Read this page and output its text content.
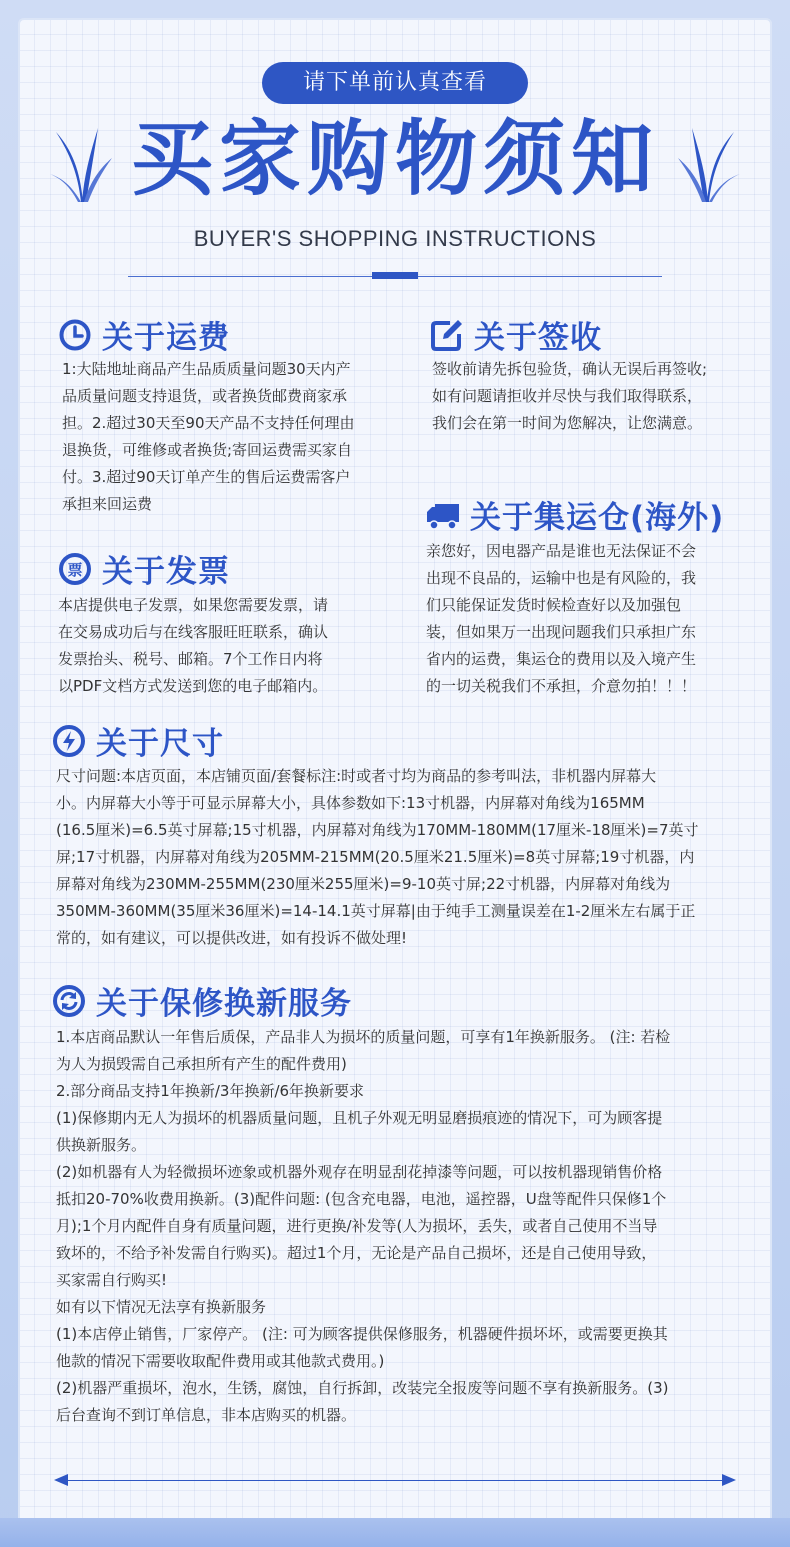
请下单前认真查看
买家购物须知
BUYER'S SHOPPING INSTRUCTIONS
关于运费
1:大陆地址商品产生品质质量问题30天内产
品质量问题支持退货，或者换货邮费商家承
担。2.超过30天至90天产品不支持任何理由
退换货，可维修或者换货;寄回运费需买家自
付。3.超过90天订单产生的售后运费需客户
承担来回运费
关于签收
签收前请先拆包验货，确认无误后再签收;
如有问题请拒收并尽快与我们取得联系，
我们会在第一时间为您解决，让您满意。
关于集运仓(海外)
亲您好，因电器产品是谁也无法保证不会
出现不良品的，运输中也是有风险的，我
们只能保证发货时候检查好以及加强包
装，但如果万一出现问题我们只承担广东
省内的运费，集运仓的费用以及入境产生
的一切关税我们不承担，介意勿拍！！！
票 关于发票
本店提供电子发票，如果您需要发票，请
在交易成功后与在线客服旺旺联系，确认
发票抬头、税号、邮箱。7个工作日内将
以PDF文档方式发送到您的电子邮箱内。
关于尺寸
尺寸问题:本店页面，本店铺页面/套餐标注:时或者寸均为商品的参考叫法，非机器内屏幕大
小。内屏幕大小等于可显示屏幕大小，具体参数如下:13寸机器，内屏幕对角线为165MM
(16.5厘米)=6.5英寸屏幕;15寸机器，内屏幕对角线为170MM-180MM(17厘米-18厘米)=7英寸
屏;17寸机器，内屏幕对角线为205MM-215MM(20.5厘米21.5厘米)=8英寸屏幕;19寸机器，内
屏幕对角线为230MM-255MM(230厘米255厘米)=9-10英寸屏;22寸机器，内屏幕对角线为
350MM-360MM(35厘米36厘米)=14-14.1英寸屏幕|由于纯手工测量误差在1-2厘米左右属于正
常的，如有建议，可以提供改进，如有投诉不做处理!
关于保修换新服务
1.本店商品默认一年售后质保，产品非人为损坏的质量问题，可享有1年换新服务。 (注: 若检
为人为损毁需自己承担所有产生的配件费用)
2.部分商品支持1年换新/3年换新/6年换新要求
(1)保修期内无人为损坏的机器质量问题，且机子外观无明显磨损痕迹的情况下，可为顾客提
供换新服务。
(2)如机器有人为轻微损坏迹象或机器外观存在明显刮花掉漆等问题，可以按机器现销售价格
抵扣20-70%收费用换新。(3)配件问题: (包含充电器，电池，遥控器，U盘等配件只保修1个
月);1个月内配件自身有质量问题，进行更换/补发等(人为损坏，丢失，或者自己使用不当导
致坏的，不给予补发需自行购买)。超过1个月，无论是产品自己损坏，还是自己使用导致，
买家需自行购买!
如有以下情况无法享有换新服务
(1)本店停止销售，厂家停产。 (注: 可为顾客提供保修服务，机器硬件损坏坏，或需要更换其
他款的情况下需要收取配件费用或其他款式费用。)
(2)机器严重损坏，泡水，生锈，腐蚀，自行拆卸，改装完全报废等问题不享有换新服务。(3)
后台查询不到订单信息，非本店购买的机器。
